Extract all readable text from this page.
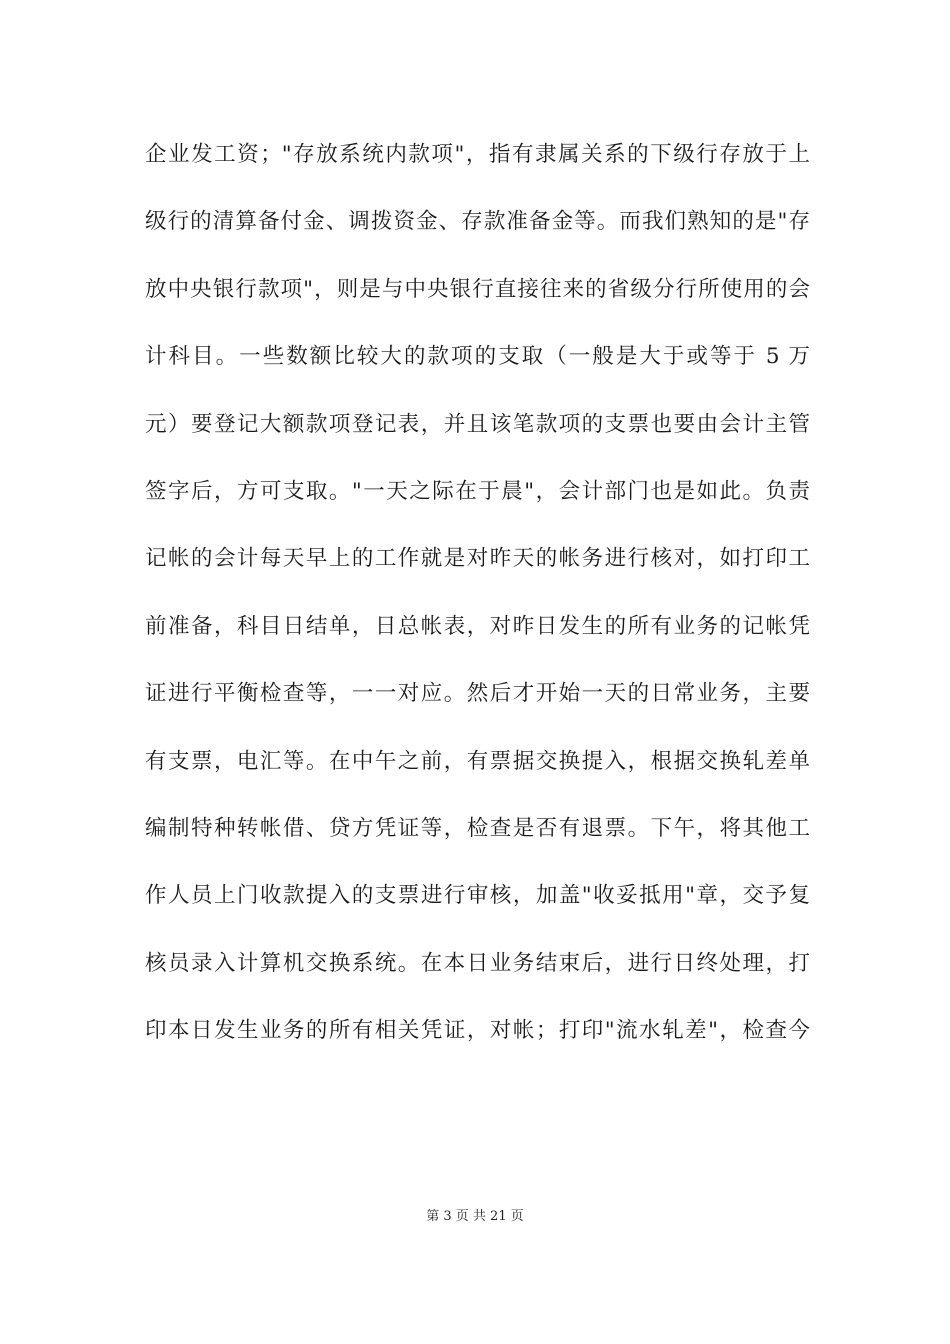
企业发工资；"存放系统内款项"，指有隶属关系的下级行存放于上
级行的清算备付金、调拨资金、存款准备金等。而我们熟知的是"存
放中央银行款项"，则是与中央银行直接往来的省级分行所使用的会
计科目。一些数额比较大的款项的支取（一般是大于或等于 5 万
元）要登记大额款项登记表，并且该笔款项的支票也要由会计主管
签字后，方可支取。"一天之际在于晨"，会计部门也是如此。负责
记帐的会计每天早上的工作就是对昨天的帐务进行核对，如打印工
前准备，科目日结单，日总帐表，对昨日发生的所有业务的记帐凭
证进行平衡检查等，一一对应。然后才开始一天的日常业务，主要
有支票，电汇等。在中午之前，有票据交换提入，根据交换轧差单
编制特种转帐借、贷方凭证等，检查是否有退票。下午，将其他工
作人员上门收款提入的支票进行审核，加盖"收妥抵用"章，交予复
核员录入计算机交换系统。在本日业务结束后，进行日终处理，打
印本日发生业务的所有相关凭证，对帐；打印"流水轧差"，检查今
第 3 页 共 21 页
